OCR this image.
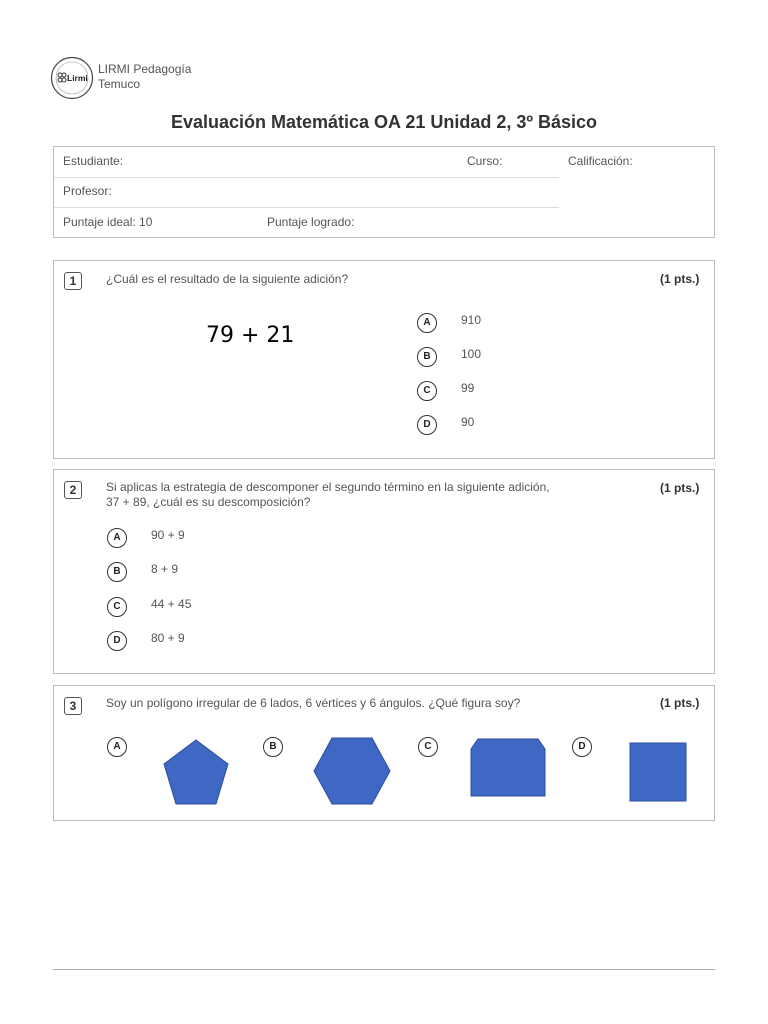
Lirmi
LIRMI Pedagogía
Temuco
Evaluación Matemática OA 21 Unidad 2, 3º Básico
Estudiante:	Curso:	Calificación:
Profesor:
Puntaje ideal: 10	Puntaje logrado:
1	¿Cuál es el resultado de la siguiente adición?	(1 pts.)
79 + 21
A	910
B	100
C	99
D	90
2	Si aplicas la estrategia de descomponer el segundo término en la siguiente adición,
37 + 89, ¿cuál es su descomposición?
(1 pts.)
A	90 + 9
B	8 + 9
C	44 + 45
D	80 + 9
3	Soy un polígono irregular de 6 lados, 6 vértices y 6 ángulos. ¿Qué figura soy?	(1 pts.)
A	B	C	D
